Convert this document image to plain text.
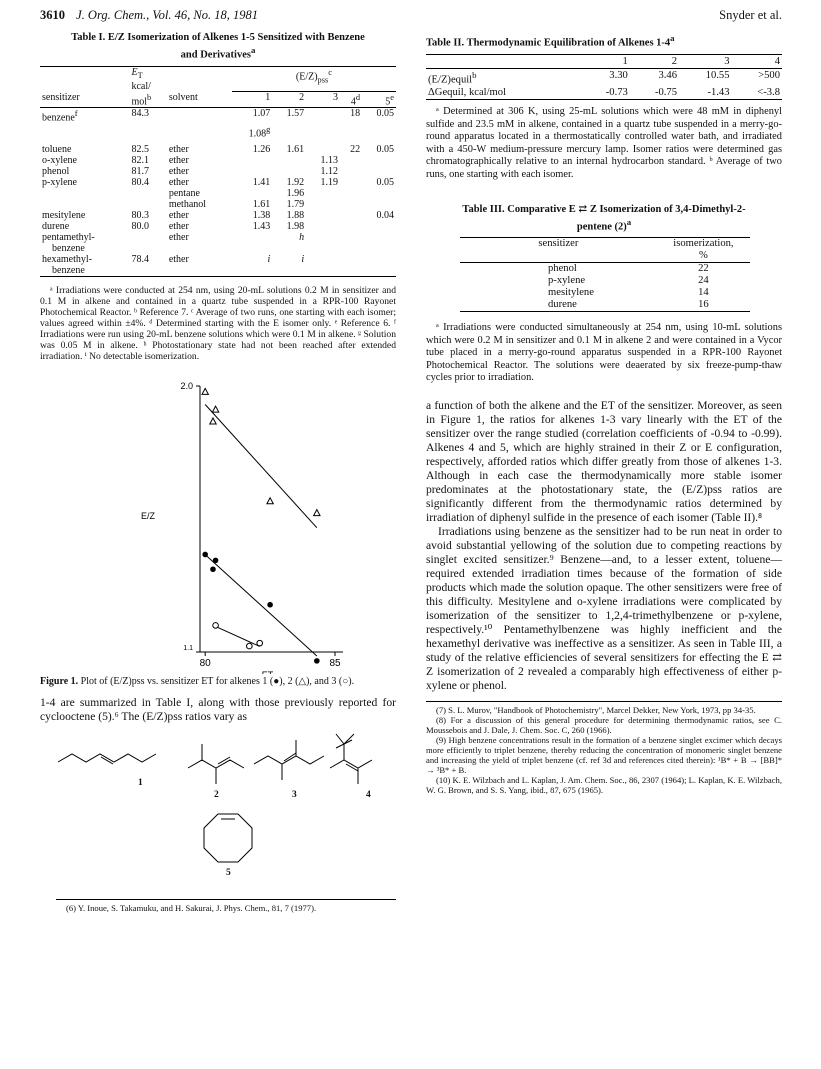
3610 J. Org. Chem., Vol. 46, No. 18, 1981	Snyder et al.
Table I. E/Z Isomerization of Alkenes 1-5 Sensitized with Benzene and Derivatives$^a$
	$E_T$
kcal/		$(E/Z)_{pss}^c$
sensitizer	mol$^b$	solvent	1	2	3	4$^d$	5e
benzene$^f$	84.3		1.07	1.57		18	0.05
			1.08$^g$				

toluene	82.5	ether	1.26	1.61		22	0.05
o-xylene	82.1	ether			1.13		
phenol	81.7	ether			1.12		
p-xylene	80.4	ether	1.41	1.92	1.19		0.05
		pentane		1.96			
		methanol	1.61	1.79			
mesitylene	80.3	ether	1.38	1.88			0.04
durene	80.0	ether	1.43	1.98			
pentamethyl-
benzene		ether		h			
hexamethyl-
benzene	78.4	ether	i	i			
ᵃ Irradiations were conducted at 254 nm, using 20-mL solutions 0.2 M in sensitizer and 0.1 M in alkene and contained in a quartz tube suspended in a RPR-100 Rayonet Photochemical Reactor. ᵇ Reference 7. ᶜ Average of two runs, one starting with each isomer; values agreed within ±4%. ᵈ Determined starting with the E isomer only. ᵉ Reference 6. ᶠ Irradiations were run using 20-mL benzene solutions which were 0.1 M in alkene. ᵍ Solution was 0.05 M in alkene. ʰ Photostationary state had not been reached after extended irradiation. ⁱ No detectable isomerization.
80	85
2.0
1.1
E/Z
Figure 1. Plot of (E/Z)pss vs. sensitizer ET for alkenes 1 (●), 2 (△), and 3 (○).

1-4 are summarized in Table I, along with those previously reported for cyclooctene (5).⁶ The (E/Z)pss ratios vary as

1
2	3	4
5
(6) Y. Inoue, S. Takamuku, and H. Sakurai, J. Phys. Chem., 81, 7 (1977).
Table II. Thermodynamic Equilibration of Alkenes 1-4$^a$
	1	2	3	4
(E/Z)equil$^b$	3.30	3.46	10.55	>500
ΔGequil, kcal/mol	-0.73	-0.75	-1.43	<-3.8
ᵃ Determined at 306 K, using 25-mL solutions which were 48 mM in diphenyl sulfide and 23.5 mM in alkene, contained in a quartz tube suspended in a merry-go-round apparatus located in a thermostatically controlled water bath, and irradiated with a 450-W medium-pressure mercury lamp. Isomer ratios were determined gas chromatographically relative to an internal hydrocarbon standard. ᵇ Average of two runs, one starting with each isomer.
Table III. Comparative E ⇄ Z Isomerization of 3,4-Dimethyl-2-pentene $(2)^a$
sensitizer	isomerization,
%
phenol	22
p-xylene	24
mesitylene	14
durene	16
ᵃ Irradiations were conducted simultaneously at 254 nm, using 10-mL solutions which were 0.2 M in sensitizer and 0.1 M in alkene 2 and were contained in a Vycor tube placed in a merry-go-round apparatus suspended in a RPR-100 Rayonet Photochemical Reactor. The solutions were deaerated by six freeze-pump-thaw cycles prior to irradiation.

a function of both the alkene and the ET of the sensitizer. Moreover, as seen in Figure 1, the ratios for alkenes 1-3 vary linearly with the ET of the sensitizer over the range studied (correlation coefficients of -0.94 to -0.99). Alkenes 4 and 5, which are highly strained in their Z or E configuration, respectively, afforded ratios which differ greatly from those of alkenes 1-3. Although in each case the thermodynamically more stable isomer predominates at the photostationary state, the (E/Z)pss ratios are significantly different from the thermodynamic ratios determined by irradiation of diphenyl sulfide in the presence of each isomer (Table II).⁸

Irradiations using benzene as the sensitizer had to be run neat in order to avoid substantial yellowing of the solution due to competing reactions by singlet excited sensitizer.⁹ Benzene—and, to a lesser extent, toluene—required extended irradiation times because of the formation of side products which made the solution opaque. The other sensitizers were free of this difficulty. Mesitylene and o-xylene irradiations were complicated by isomerization of the sensitizer to 1,2,4-trimethylbenzene or p-xylene, respectively.¹⁰ Pentamethylbenzene was highly inefficient and the hexamethyl derivative was ineffective as a sensitizer. As seen in Table III, a study of the relative efficiencies of several sensitizers for effecting the E ⇄ Z isomerization of 2 revealed a comparably high effectiveness of either p-xylene or phenol.

(7) S. L. Murov, "Handbook of Photochemistry", Marcel Dekker, New York, 1973, pp 34-35.
(8) For a discussion of this general procedure for determining thermodynamic ratios, see C. Moussebois and J. Dale, J. Chem. Soc. C, 260 (1966).
(9) High benzene concentrations result in the formation of a benzene singlet excimer which decays more efficiently to triplet benzene, thereby reducing the concentration of monomeric singlet benzene and increasing the yield of triplet benzene (cf. ref 3d and references cited therein): ¹B* + B → [BB]* → ³B* + B.
(10) K. E. Wilzbach and L. Kaplan, J. Am. Chem. Soc., 86, 2307 (1964); L. Kaplan, K. E. Wilzbach, W. G. Brown, and S. S. Yang, ibid., 87, 675 (1965).
